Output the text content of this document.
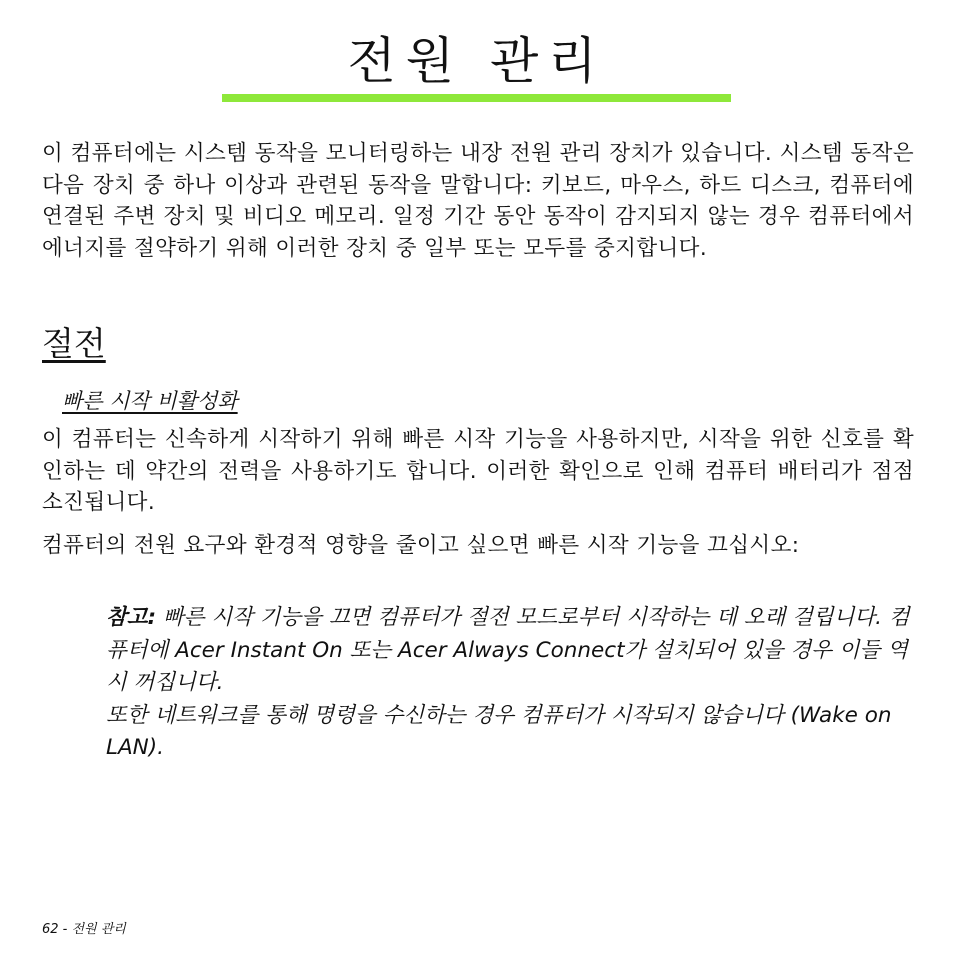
전원 관리

이 컴퓨터에는 시스템 동작을 모니터링하는 내장 전원 관리 장치가 있습니다. 시스템 동작은 다음 장치 중 하나 이상과 관련된 동작을 말합니다: 키보드, 마우스, 하드 디스크, 컴퓨터에 연결된 주변 장치 및 비디오 메모리. 일정 기간 동안 동작이 감지되지 않는 경우 컴퓨터에서 에너지를 절약하기 위해 이러한 장치 중 일부 또는 모두를 중지합니다.

절전
빠른 시작 비활성화

이 컴퓨터는 신속하게 시작하기 위해 빠른 시작 기능을 사용하지만, 시작을 위한 신호를 확인하는 데 약간의 전력을 사용하기도 합니다. 이러한 확인으로 인해 컴퓨터 배터리가 점점 소진됩니다.

컴퓨터의 전원 요구와 환경적 영향을 줄이고 싶으면 빠른 시작 기능을 끄십시오:

참고: 빠른 시작 기능을 끄면 컴퓨터가 절전 모드로부터 시작하는 데 오래 걸립니다. 컴퓨터에 Acer Instant On 또는 Acer Always Connect가 설치되어 있을 경우 이들 역시 꺼집니다.

또한 네트워크를 통해 명령을 수신하는 경우 컴퓨터가 시작되지 않습니다 (Wake on LAN).

62 - 전원 관리
